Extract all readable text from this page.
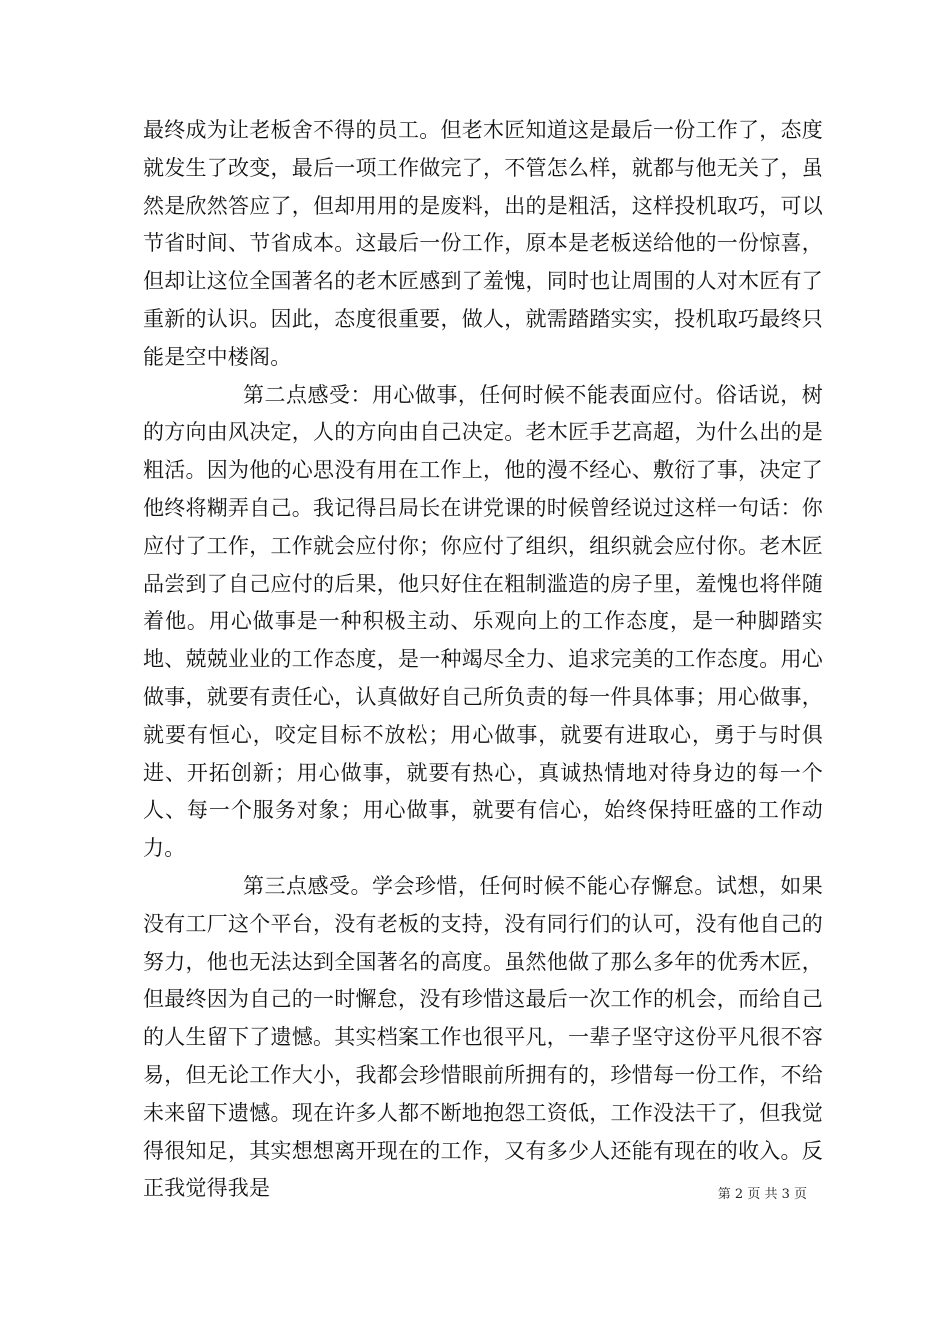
最终成为让老板舍不得的员工。但老木匠知道这是最后一份工作了，态度就发生了改变，最后一项工作做完了，不管怎么样，就都与他无关了，虽然是欣然答应了，但却用用的是废料，出的是粗活，这样投机取巧，可以节省时间、节省成本。这最后一份工作，原本是老板送给他的一份惊喜，但却让这位全国著名的老木匠感到了羞愧，同时也让周围的人对木匠有了重新的认识。因此，态度很重要，做人，就需踏踏实实，投机取巧最终只能是空中楼阁。

第二点感受：用心做事，任何时候不能表面应付。俗话说，树的方向由风决定，人的方向由自己决定。老木匠手艺高超，为什么出的是粗活。因为他的心思没有用在工作上，他的漫不经心、敷衍了事，决定了他终将糊弄自己。我记得吕局长在讲党课的时候曾经说过这样一句话：你应付了工作，工作就会应付你；你应付了组织，组织就会应付你。老木匠品尝到了自己应付的后果，他只好住在粗制滥造的房子里，羞愧也将伴随着他。用心做事是一种积极主动、乐观向上的工作态度，是一种脚踏实地、兢兢业业的工作态度，是一种竭尽全力、追求完美的工作态度。用心做事，就要有责任心，认真做好自己所负责的每一件具体事；用心做事，就要有恒心，咬定目标不放松；用心做事，就要有进取心，勇于与时俱进、开拓创新；用心做事，就要有热心，真诚热情地对待身边的每一个人、每一个服务对象；用心做事，就要有信心，始终保持旺盛的工作动力。

第三点感受。学会珍惜，任何时候不能心存懈怠。试想，如果没有工厂这个平台，没有老板的支持，没有同行们的认可，没有他自己的努力，他也无法达到全国著名的高度。虽然他做了那么多年的优秀木匠，但最终因为自己的一时懈怠，没有珍惜这最后一次工作的机会，而给自己的人生留下了遗憾。其实档案工作也很平凡，一辈子坚守这份平凡很不容易，但无论工作大小，我都会珍惜眼前所拥有的，珍惜每一份工作，不给未来留下遗憾。现在许多人都不断地抱怨工资低，工作没法干了，但我觉得很知足，其实想想离开现在的工作，又有多少人还能有现在的收入。反正我觉得我是	第 2 页 共 3 页
